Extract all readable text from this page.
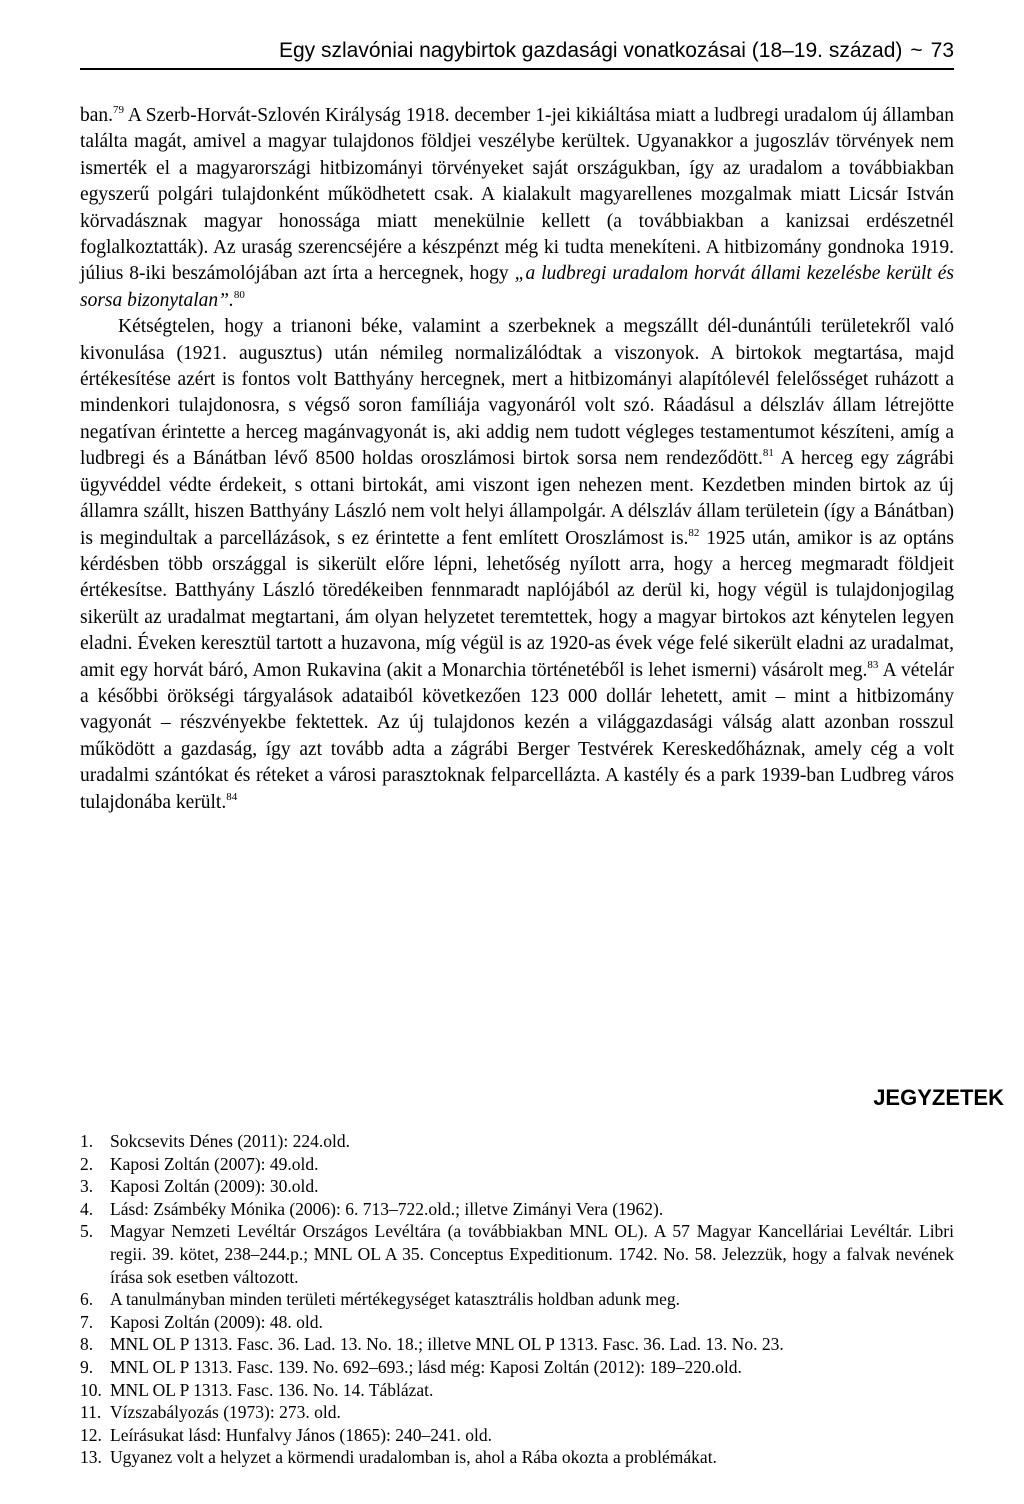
Egy szlavóniai nagybirtok gazdasági vonatkozásai (18–19. század) ~ 73

ban.$^{79}$ A Szerb-Horvát-Szlovén Királyság 1918. december 1-jei kikiáltása miatt a ludbregi uradalom új államban találta magát, amivel a magyar tulajdonos földjei veszélybe kerültek. Ugyanakkor a jugoszláv törvények nem ismerték el a magyarországi hitbizományi törvényeket saját országukban, így az uradalom a továbbiakban egyszerű polgári tulajdonként működhetett csak. A kialakult magyarellenes mozgalmak miatt Licsár István körvadásznak magyar honossága miatt menekülnie kellett (a továbbiakban a kanizsai erdészetnél foglalkoztatták). Az uraság szerencséjére a készpénzt még ki tudta menekíteni. A hitbizomány gondnoka 1919. július 8-iki beszámolójában azt írta a hercegnek, hogy „a ludbregi uradalom horvát állami kezelésbe került és sorsa bizonytalan”.$^{80}$

Kétségtelen, hogy a trianoni béke, valamint a szerbeknek a megszállt dél-dunántúli területekről való kivonulása (1921. augusztus) után némileg normalizálódtak a viszonyok. A birtokok megtartása, majd értékesítése azért is fontos volt Batthyány hercegnek, mert a hitbizományi alapítólevél felelősséget ruházott a mindenkori tulajdonosra, s végső soron famíliája vagyonáról volt szó. Ráadásul a délszláv állam létrejötte negatívan érintette a herceg magánvagyonát is, aki addig nem tudott végleges testamentumot készíteni, amíg a ludbregi és a Bánátban lévő 8500 holdas oroszlámosi birtok sorsa nem rendeződött.$^{81}$ A herceg egy zágrábi ügyvéddel védte érdekeit, s ottani birtokát, ami viszont igen nehezen ment. Kezdetben minden birtok az új államra szállt, hiszen Batthyány László nem volt helyi állampolgár. A délszláv állam területein (így a Bánátban) is megindultak a parcellázások, s ez érintette a fent említett Oroszlámost is.$^{82}$ 1925 után, amikor is az optáns kérdésben több országgal is sikerült előre lépni, lehetőség nyílott arra, hogy a herceg megmaradt földjeit értékesítse. Batthyány László töredékeiben fennmaradt naplójából az derül ki, hogy végül is tulajdonjogilag sikerült az uradalmat megtartani, ám olyan helyzetet teremtettek, hogy a magyar birtokos azt kénytelen legyen eladni. Éveken keresztül tartott a huzavona, míg végül is az 1920-as évek vége felé sikerült eladni az uradalmat, amit egy horvát báró, Amon Rukavina (akit a Monarchia történetéből is lehet ismerni) vásárolt meg.$^{83}$ A vételár a későbbi örökségi tárgyalások adataiból következően 123 000 dollár lehetett, amit – mint a hitbizomány vagyonát – részvényekbe fektettek. Az új tulajdonos kezén a világgazdasági válság alatt azonban rosszul működött a gazdaság, így azt tovább adta a zágrábi Berger Testvérek Kereskedőháznak, amely cég a volt uradalmi szántókat és réteket a városi parasztoknak felparcellázta. A kastély és a park 1939-ban Ludbreg város tulajdonába került.$^{84}$

JEGYZETEK
1. Sokcsevits Dénes (2011): 224.old.
2. Kaposi Zoltán (2007): 49.old.
3. Kaposi Zoltán (2009): 30.old.
4. Lásd: Zsámbéky Mónika (2006): 6. 713–722.old.; illetve Zimányi Vera (1962).
5. Magyar Nemzeti Levéltár Országos Levéltára (a továbbiakban MNL OL). A 57 Magyar Kancelláriai Levéltár. Libri regii. 39. kötet, 238–244.p.; MNL OL A 35. Conceptus Expeditionum. 1742. No. 58. Jelezzük, hogy a falvak nevének írása sok esetben változott.
6. A tanulmányban minden területi mértékegységet katasztrális holdban adunk meg.
7. Kaposi Zoltán (2009): 48. old.
8. MNL OL P 1313. Fasc. 36. Lad. 13. No. 18.; illetve MNL OL P 1313. Fasc. 36. Lad. 13. No. 23.
9. MNL OL P 1313. Fasc. 139. No. 692–693.; lásd még: Kaposi Zoltán (2012): 189–220.old.
10. MNL OL P 1313. Fasc. 136. No. 14. Táblázat.
11. Vízszabályozás (1973): 273. old.
12. Leírásukat lásd: Hunfalvy János (1865): 240–241. old.
13. Ugyanez volt a helyzet a körmendi uradalomban is, ahol a Rába okozta a problémákat.
